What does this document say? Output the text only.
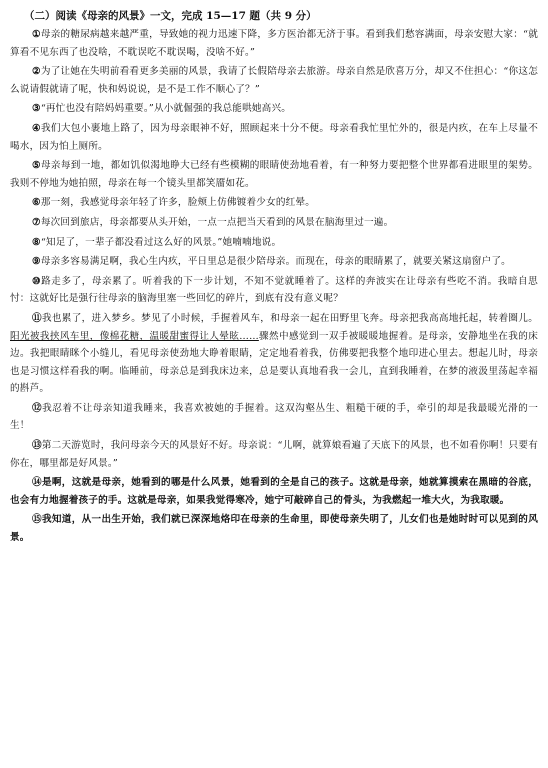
（二）阅读《母亲的风景》一文，完成 15—17 题（共 9 分）

①母亲的糖尿病越来越严重，导致她的视力迅速下降，多方医治都无济于事。看到我们愁容满面，母亲安慰大家：“就算看不见东西了也没啥，不耽误吃不耽误喝，没啥不好。”

②为了让她在失明前看看更多美丽的风景，我请了长假陪母亲去旅游。母亲自然是欣喜万分，却又不住担心：“你这怎么说请假就请了呢，快和妈说说，是不是工作不顺心了？”

③“再忙也没有陪妈妈重要。”从小就倔强的我总能哄她高兴。

④我们大包小裹地上路了，因为母亲眼神不好，照顾起来十分不便。母亲看我忙里忙外的，很是内疚，在车上尽量不喝水，因为怕上厕所。

⑤母亲每到一地，都如饥似渴地睁大已经有些模糊的眼睛使劲地看着，有一种努力要把整个世界都看进眼里的架势。我则不停地为她拍照，母亲在每一个镜头里都笑靥如花。

⑥那一刻，我感觉母亲年轻了许多，脸颊上仿佛镀着少女的红晕。

⑦每次回到旅店，母亲都要从头开始，一点一点把当天看到的风景在脑海里过一遍。

⑧“知足了，一辈子都没看过这么好的风景。”她喃喃地说。

⑨母亲多容易满足啊，我心生内疚，平日里总是很少陪母亲。而现在，母亲的眼睛累了，就要关紧这扇窗户了。

⑩路走多了，母亲累了。听着我的下一步计划，不知不觉就睡着了。这样的奔波实在让母亲有些吃不消。我暗自思忖：这就好比是强行往母亲的脑海里塞一些回忆的碎片，到底有没有意义呢？

⑪我也累了，进入梦乡。梦见了小时候，手握着风车，和母亲一起在田野里飞奔。母亲把我高高地托起，转着圈儿。阳光被我挟风车里，像棉花糖，温暖甜蜜得让人晕眩……骤然中感觉到一双手被暖暖地握着。是母亲，安静地坐在我的床边。我把眼睛眯个小缝儿，看见母亲使劲地大睁着眼睛，定定地看着我，仿佛要把我整个地印进心里去。想起儿时，母亲也是习惯这样看我的啊。临睡前，母亲总是到我床边来，总是要认真地看我一会儿，直到我睡着，在梦的液汲里荡起幸福的斟芦。

⑫我忍着不让母亲知道我睡来，我喜欢被她的手握着。这双沟壑丛生、粗糙干硬的手，牵引的却是我最暖光滑的一生！

⑬第二天游览时，我问母亲今天的风景好不好。母亲说：“儿啊，就算娘看遍了天底下的风景，也不如看你啊！只要有你在，哪里都是好风景。”

⑭是啊，这就是母亲，她看到的哪是什么风景，她看到的全是自己的孩子。这就是母亲，她就算摸索在黑暗的谷底，也会有力地握着孩子的手。这就是母亲，如果我觉得寒冷，她宁可敲碎自己的骨头，为我燃起一堆大火，为我取暖。

⑮我知道，从一出生开始，我们就已深深地烙印在母亲的生命里，即使母亲失明了，儿女们也是她时时可以见到的风景。
